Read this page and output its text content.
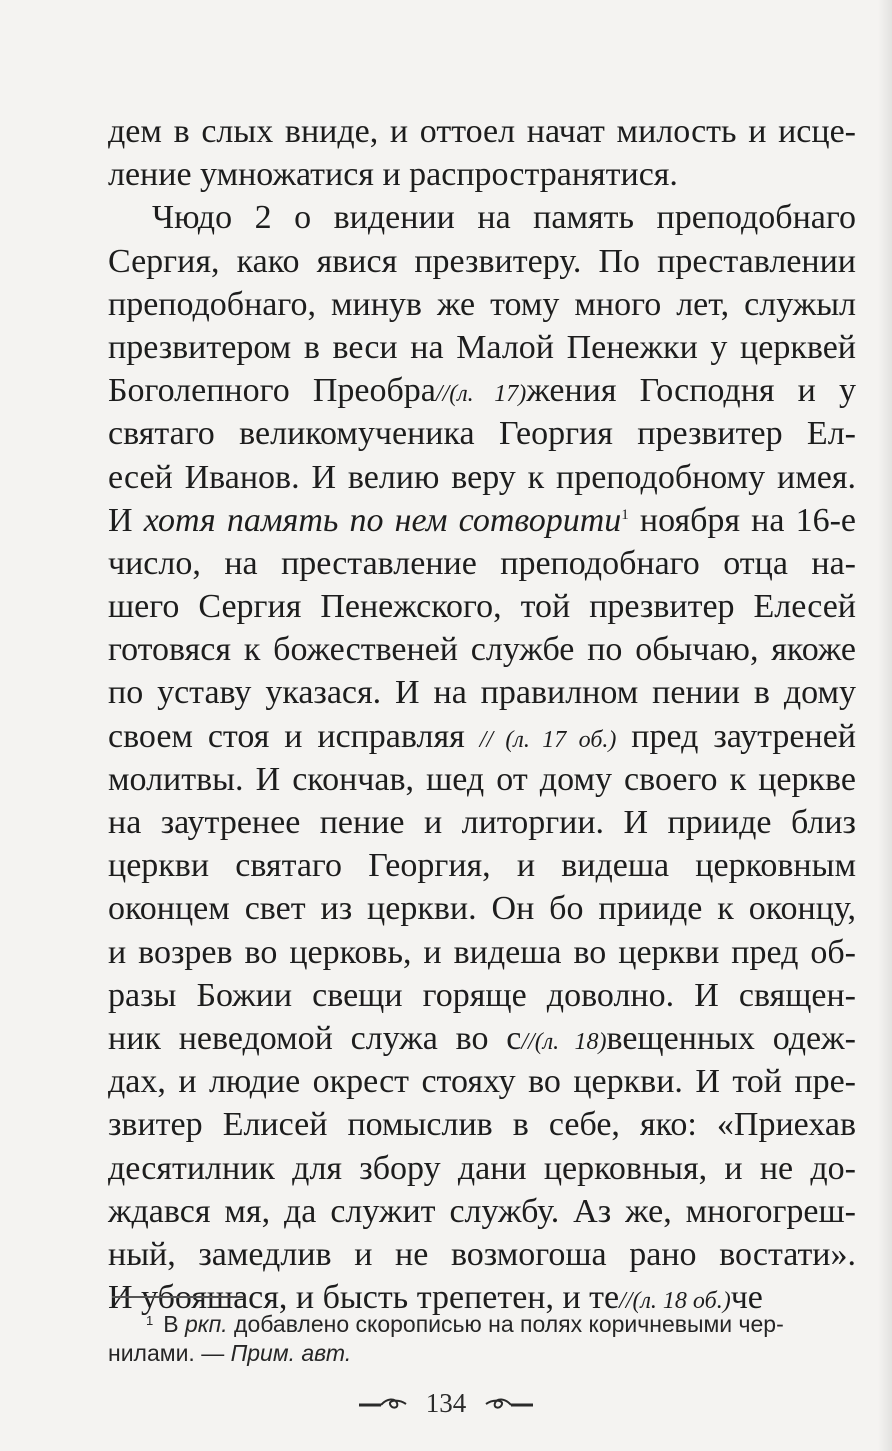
дем в слых вниде, и оттоел начат милость и исце-
ление умножатися и распространятися.
Чюдо 2 о видении на память преподобнаго
Сергия, како явися презвитеру. По преставлении
преподобнаго, минув же тому много лет, служыл
презвитером в веси на Малой Пенежки у церквей
Боголепного Преобра//(л. 17)жения Господня и у
святаго великомученика Георгия презвитер Ел-
есей Иванов. И велию веру к преподобному имея.
И хотя память по нем сотворити$^1$ ноября на 16-е
число, на преставление преподобнаго отца на-
шего Сергия Пенежского, той презвитер Елесей
готовяся к божественей службе по обычаю, якоже
по уставу указася. И на правилном пении в дому
своем стоя и исправляя // (л. 17 об.) пред заутреней
молитвы. И скончав, шед от дому своего к церкве
на заутренее пение и литоргии. И прииде близ
церкви святаго Георгия, и видеша церковным
оконцем свет из церкви. Он бо прииде к оконцу,
и возрев во церковь, и видеша во церкви пред об-
разы Божии свещи горяще доволно. И священ-
ник неведомой служа во с//(л. 18)вещенных одеж-
дах, и людие окрест стояху во церкви. И той пре-
звитер Елисей помыслив в себе, яко: «Приехав
десятилник для збору дани церковныя, и не до-
ждався мя, да служит службу. Аз же, многогреш-
ный, замедлив и не возмогоша рано востати».
И убояшася, и бысть трепетен, и те//(л. 18 об.)че
$^1$ В ркп. добавлено скорописью на полях коричневыми чер-
нилами. — Прим. авт.
134
